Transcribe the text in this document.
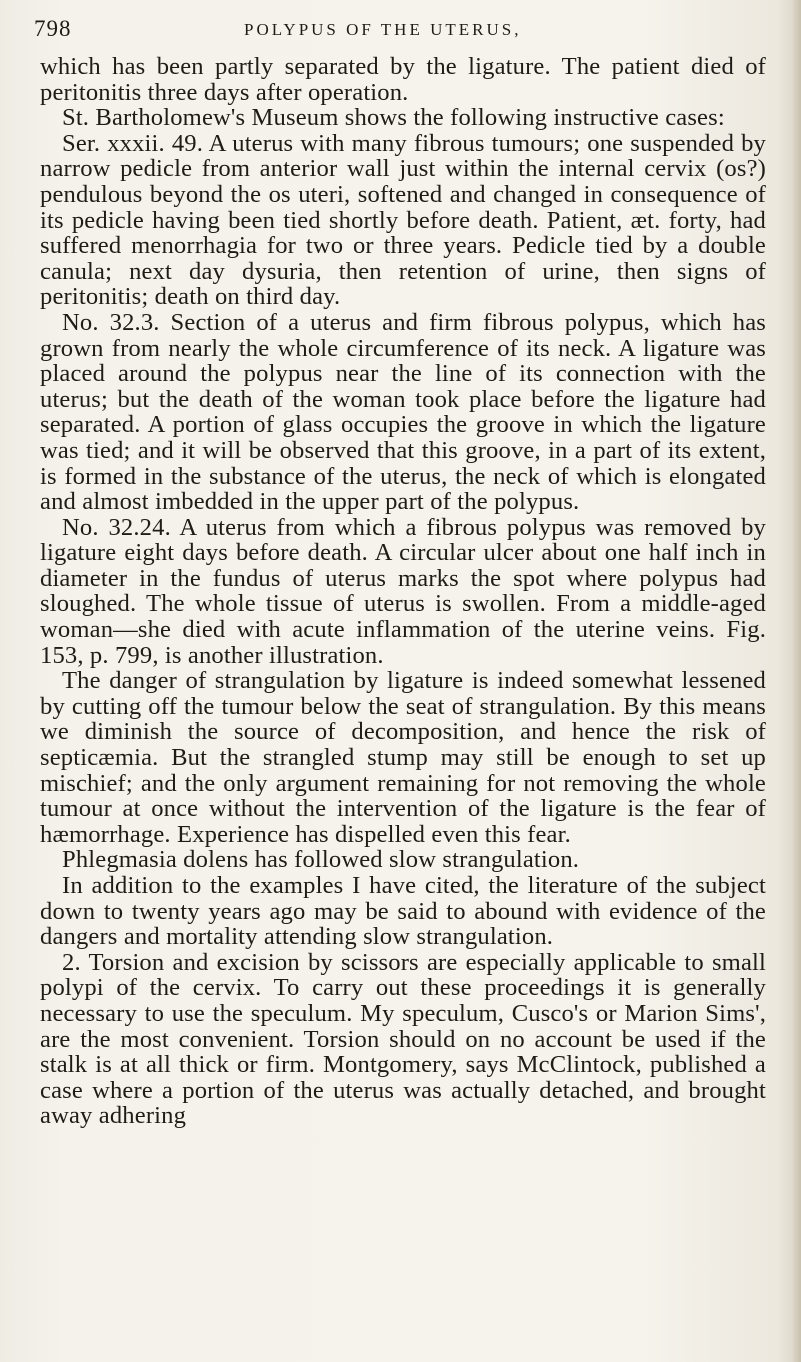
798	POLYPUS OF THE UTERUS,

which has been partly separated by the ligature. The patient died of peritonitis three days after operation.

St. Bartholomew's Museum shows the following instructive cases:

Ser. xxxii. 49. A uterus with many fibrous tumours; one suspended by narrow pedicle from anterior wall just within the internal cervix (os?) pendulous beyond the os uteri, softened and changed in consequence of its pedicle having been tied shortly before death. Patient, æt. forty, had suffered menorrhagia for two or three years. Pedicle tied by a double canula; next day dysuria, then retention of urine, then signs of peritonitis; death on third day.

No. 32.3. Section of a uterus and firm fibrous polypus, which has grown from nearly the whole circumference of its neck. A ligature was placed around the polypus near the line of its connection with the uterus; but the death of the woman took place before the ligature had separated. A portion of glass occupies the groove in which the ligature was tied; and it will be observed that this groove, in a part of its extent, is formed in the substance of the uterus, the neck of which is elongated and almost imbedded in the upper part of the polypus.

No. 32.24. A uterus from which a fibrous polypus was removed by ligature eight days before death. A circular ulcer about one half inch in diameter in the fundus of uterus marks the spot where polypus had sloughed. The whole tissue of uterus is swollen. From a middle-aged woman—she died with acute inflammation of the uterine veins. Fig. 153, p. 799, is another illustration.

The danger of strangulation by ligature is indeed somewhat lessened by cutting off the tumour below the seat of strangulation. By this means we diminish the source of decomposition, and hence the risk of septicæmia. But the strangled stump may still be enough to set up mischief; and the only argument remaining for not removing the whole tumour at once without the intervention of the ligature is the fear of hæmorrhage. Experience has dispelled even this fear.

Phlegmasia dolens has followed slow strangulation.

In addition to the examples I have cited, the literature of the subject down to twenty years ago may be said to abound with evidence of the dangers and mortality attending slow strangulation.

2. Torsion and excision by scissors are especially applicable to small polypi of the cervix. To carry out these proceedings it is generally necessary to use the speculum. My speculum, Cusco's or Marion Sims', are the most convenient. Torsion should on no account be used if the stalk is at all thick or firm. Montgomery, says McClintock, published a case where a portion of the uterus was actually detached, and brought away adhering
